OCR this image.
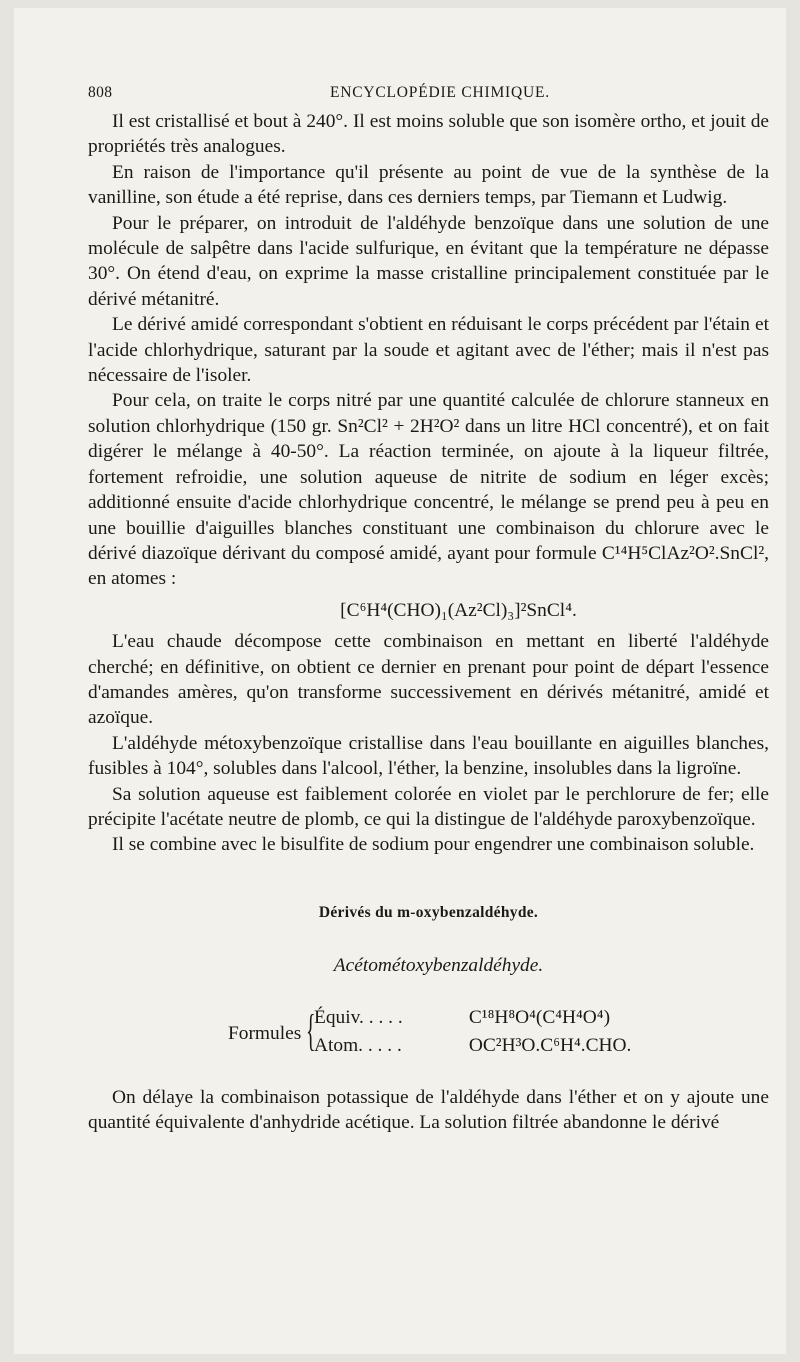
808	ENCYCLOPÉDIE CHIMIQUE.

Il est cristallisé et bout à 240°. Il est moins soluble que son isomère ortho, et jouit de propriétés très analogues.

En raison de l'importance qu'il présente au point de vue de la synthèse de la vanilline, son étude a été reprise, dans ces derniers temps, par Tiemann et Ludwig.

Pour le préparer, on introduit de l'aldéhyde benzoïque dans une solution de une molécule de salpêtre dans l'acide sulfurique, en évitant que la température ne dépasse 30°. On étend d'eau, on exprime la masse cristalline principalement constituée par le dérivé métanitré.

Le dérivé amidé correspondant s'obtient en réduisant le corps précédent par l'étain et l'acide chlorhydrique, saturant par la soude et agitant avec de l'éther; mais il n'est pas nécessaire de l'isoler.

Pour cela, on traite le corps nitré par une quantité calculée de chlorure stanneux en solution chlorhydrique (150 gr. Sn²Cl² + 2H²O² dans un litre HCl concentré), et on fait digérer le mélange à 40-50°. La réaction terminée, on ajoute à la liqueur filtrée, fortement refroidie, une solution aqueuse de nitrite de sodium en léger excès; additionné ensuite d'acide chlorhydrique concentré, le mélange se prend peu à peu en une bouillie d'aiguilles blanches constituant une combinaison du chlorure avec le dérivé diazoïque dérivant du composé amidé, ayant pour formule C¹⁴H⁵ClAz²O².SnCl², en atomes :

[C⁶H⁴(CHO)₁(Az²Cl)₃]²SnCl⁴.

L'eau chaude décompose cette combinaison en mettant en liberté l'aldéhyde cherché; en définitive, on obtient ce dernier en prenant pour point de départ l'essence d'amandes amères, qu'on transforme successivement en dérivés métanitré, amidé et azoïque.

L'aldéhyde métoxybenzoïque cristallise dans l'eau bouillante en aiguilles blanches, fusibles à 104°, solubles dans l'alcool, l'éther, la benzine, insolubles dans la ligroïne.

Sa solution aqueuse est faiblement colorée en violet par le perchlorure de fer; elle précipite l'acétate neutre de plomb, ce qui la distingue de l'aldéhyde paroxybenzoïque.

Il se combine avec le bisulfite de sodium pour engendrer une combinaison soluble.

Dérivés du m-oxybenzaldéhyde.
Acétométoxybenzaldéhyde.
Formules {
Équiv. . . . .	C¹⁸H⁸O⁴(C⁴H⁴O⁴)
Atom. . . . .	OC²H³O.C⁶H⁴.CHO.

On délaye la combinaison potassique de l'aldéhyde dans l'éther et on y ajoute une quantité équivalente d'anhydride acétique. La solution filtrée abandonne le dérivé
